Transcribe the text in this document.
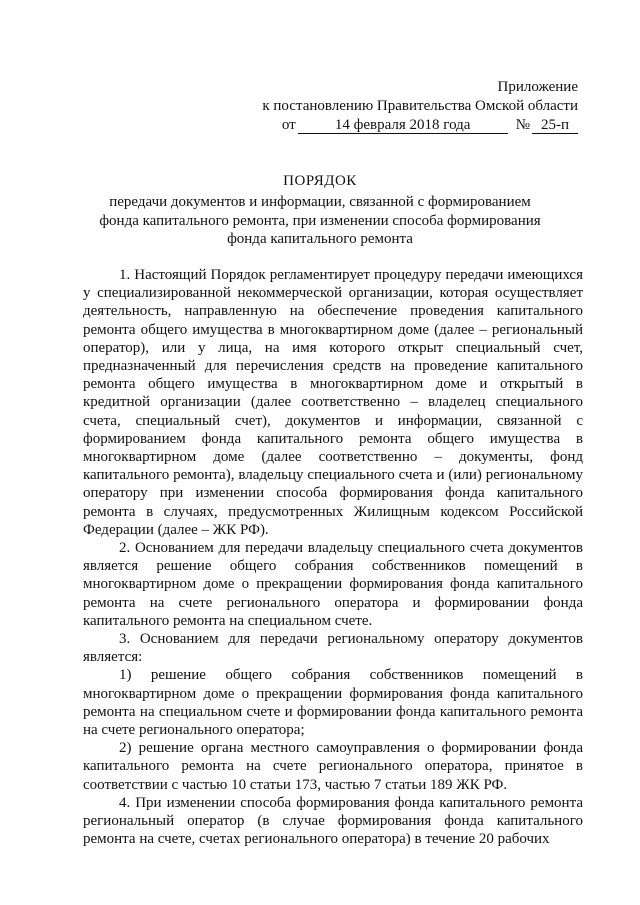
Приложение
к постановлению Правительства Омской области
от	14 февраля 2018 года	№ 25-п
ПОРЯДОК
передачи документов и информации, связанной с формированием фонда капитального ремонта, при изменении способа формирования фонда капитального ремонта

1. Настоящий Порядок регламентирует процедуру передачи имеющихся у специализированной некоммерческой организации, которая осуществляет деятельность, направленную на обеспечение проведения капитального ремонта общего имущества в многоквартирном доме (далее – региональный оператор), или у лица, на имя которого открыт специальный счет, предназначенный для перечисления средств на проведение капитального ремонта общего имущества в многоквартирном доме и открытый в кредитной организации (далее соответственно – владелец специального счета, специальный счет), документов и информации, связанной с формированием фонда капитального ремонта общего имущества в многоквартирном доме (далее соответственно – документы, фонд капитального ремонта), владельцу специального счета и (или) региональному оператору при изменении способа формирования фонда капитального ремонта в случаях, предусмотренных Жилищным кодексом Российской Федерации (далее – ЖК РФ).

2. Основанием для передачи владельцу специального счета документов является решение общего собрания собственников помещений в многоквартирном доме о прекращении формирования фонда капитального ремонта на счете регионального оператора и формировании фонда капитального ремонта на специальном счете.

3. Основанием для передачи региональному оператору документов является:

1) решение общего собрания собственников помещений в многоквартирном доме о прекращении формирования фонда капитального ремонта на специальном счете и формировании фонда капитального ремонта на счете регионального оператора;

2) решение органа местного самоуправления о формировании фонда капитального ремонта на счете регионального оператора, принятое в соответствии с частью 10 статьи 173, частью 7 статьи 189 ЖК РФ.

4. При изменении способа формирования фонда капитального ремонта региональный оператор (в случае формирования фонда капитального ремонта на счете, счетах регионального оператора) в течение 20 рабочих
